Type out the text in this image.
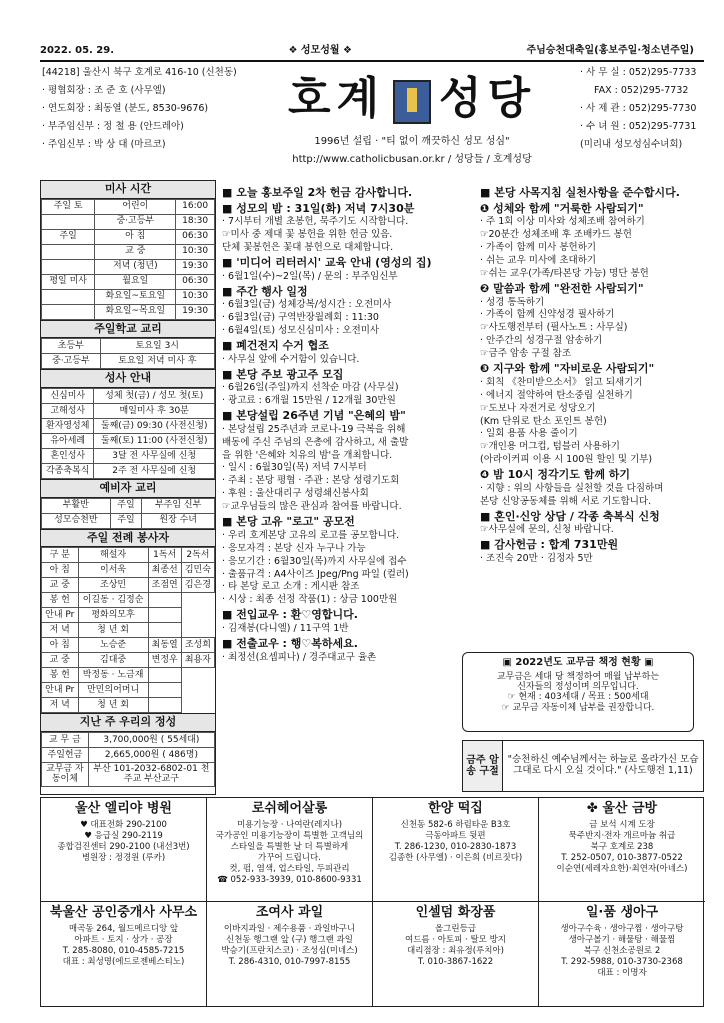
2022. 05. 29.	❖ 성모성월 ❖	주님승천대축일(홍보주일·청소년주일)
[44218] 울산시 북구 호계로 416-10 (신천동)
· 평협회장 : 조 준 호 (사무엘)
· 연도회장 : 최동열 (분도, 8530-9676)
· 부주임신부 : 정 철 용 (안드레아)
· 주임신부 : 박 상 대 (마르코)
호계 성당
1996년 설립 · "티 없이 깨끗하신 성모 성심"
http://www.catholicbusan.or.kr / 성당들 / 호계성당
· 사 무 실 : 052)295-7733
FAX : 052)295-7732
· 사 제 관 : 052)295-7730
· 수 녀 원 : 052)295-7731
(미리내 성모성심수녀회)
미사 시간
주일 토	어린이	16:00
	중·고등부	18:30
주일	아 침	06:30
	교 중	10:30
	저녁 (청년)	19:30
평일 미사	월요일	06:30
	화요일~토요일	10:30
	화요일~목요일	19:30
주일학교 교리
초등부	토요일 3시
중·고등부	토요일 저녁 미사 후
성사 안내
신심미사	성체 첫(금) / 성모 첫(토)
고해성사	매일미사 후 30분
환자영성체	둘째(금) 09:30 (사전신청)
유아세례	둘째(토) 11:00 (사전신청)
혼인성사	3달 전 사무실에 신청
각종축복식	2주 전 사무실에 신청
예비자 교리
부활반	주일	부주임 신부
성모승천반	주일	원장 수녀
주일 전례 봉사자
구 분	해설자	1독서	2독서
아 침	이서욱	최종선	김민숙
교 중	조상민	조점연	김은경
봉 헌	이길동 · 김정순		
안내 Pr	평화의모후		
저 녁	청 년 회		
아 침	노승준	최동열	조성희
교 중	김대중	변정우	최용자
봉 헌	박정동 · 노금재		
안내 Pr	만민의어머니		
저 녁	청 년 회		
지난 주 우리의 정성
교 무 금	3,700,000원 ( 55세대)
주일헌금	2,665,000원 ( 486명)
교무금 자동이체	부산 101-2032-6802-01 천주교 부산교구
■ 오늘 홍보주일 2차 헌금 감사합니다.
■ 성모의 밤 : 31일(화) 저녁 7시30분
· 7시부터 개별 초봉헌, 묵주기도 시작합니다.
☞미사 중 제대 꽃 봉헌을 위한 헌금 있음.
단체 꽃봉헌은 꽃대 봉헌으로 대체합니다.
■ '미디어 리터러시' 교육 안내 (영성의 집)
· 6월1일(수)~2일(목) / 문의 : 부주임신부
■ 주간 행사 일정
· 6월3일(금) 성체강복/성시간 : 오전미사
· 6월3일(금) 구역반장월례회 : 11:30
· 6월4일(토) 성모신심미사 : 오전미사
■ 폐건전지 수거 협조
· 사무실 앞에 수거함이 있습니다.
■ 본당 주보 광고주 모집
· 6월26일(주일)까지 선착순 마감 (사무실)
· 광고료 : 6개월 15만원 / 12개월 30만원
■ 본당설립 26주년 기념 "은혜의 밤"
· 본당설립 25주년과 코로나-19 극복을 위해
배동에 주신 주님의 은총에 감사하고, 새 출발
을 위한 '은혜와 치유의 밤'을 개최합니다.
· 일시 : 6월30일(목) 저녁 7시부터
· 주최 : 본당 평협 · 주관 : 본당 성령기도회
· 후원 : 울산대리구 성령쇄신봉사회
☞교우님들의 많은 관심과 참여를 바랍니다.
■ 본당 고유 "로고" 공모전
· 우리 호계본당 고유의 로고를 공모합니다.
· 응모자격 : 본당 신자 누구나 가능
· 응모기간 : 6월30일(목)까지 사무실에 접수
· 출품규격 : A4사이즈 Jpeg/Png 파일 (컬러)
· 타 본당 로고 소개 : 게시판 참조
· 시상 : 최종 선정 작품(1) : 상금 100만원
■ 전입교우 : 환♡영합니다.
· 김재봉(다니엘) / 11구역 1반
■ 전출교우 : 행♡복하세요.
· 최정선(요셉피나) / 경주대교구 율촌
■ 본당 사목지침 실천사항을 준수합시다.
❶ 성체와 함께 "거룩한 사람되기"
· 주 1회 이상 미사와 성체조배 참여하기
☞20분간 성체조배 후 조배카드 봉헌
· 가족이 함께 미사 봉헌하기
· 쉬는 교우 미사에 초대하기
☞쉬는 교우(가족/타본당 가능) 명단 봉헌
❷ 말씀과 함께 "완전한 사람되기"
· 성경 통독하기
· 가족이 함께 신약성경 필사하기
☞사도행전부터 (필사노트 : 사무실)
· 안주간의 성경구절 암송하기
☞금주 암송 구절 참조
❸ 지구와 함께 "자비로운 사람되기"
· 회칙 《찬미받으소서》 읽고 되새기기
· 에너지 절약하여 탄소중립 실천하기
☞도보나 자전거로 성당오기
(Km 단위로 탄소 포인트 봉헌)
· 일회 용품 사용 줄이기
☞개인용 머그컵, 텀블러 사용하기
(아라이커피 이용 시 100원 할인 및 기부)
❹ 밤 10시 정각기도 함께 하기
· 지향 : 위의 사항들을 실천할 것을 다짐하며
본당 신앙공동체를 위해 서로 기도합니다.
■ 혼인·신앙 상담 / 각종 축복식 신청
☞사무실에 문의, 신청 바랍니다.
■ 감사헌금 : 합계 731만원
· 조진숙 20만 · 김정자 5만
▣ 2022년도 교무금 책정 현황 ▣
교무금은 세대 당 책정하여 매월 납부하는
신자들의 정성이며 의무입니다.
☞ 현재 : 403세대 / 목표 : 500세대
☞ 교무금 자동이체 납부를 권장합니다.
금주 암송 구절
"승천하신 예수님께서는 하늘로 올라가신 모습 그대로 다시 오실 것이다." (사도행전 1,11)
울산 엘리야 병원
♥ 대표전화 290-2100
♥ 응급실 290-2119
종합검진센터 290-2100 (내선3번)
병원장 : 정경원 (루카)
로쉬헤어살롱
미용기능장 · 나여란(레지나)
국가공인 미용기능장이 특별한 고객님의
스타일을 특별한 날 더 특별하게
가꾸어 드립니다.
컷, 펌, 염색, 업스타일, 두피관리
☎ 052-933-3939, 010-8600-9331
한양 떡집
신천동 582-6 하림타운 B3호
극동아파트 뒷편
T. 286-1230, 010-2830-1873
김종한 (사무엘) · 이은희 (비르짓다)
✤ 울산 금방
금 보석 시계 도장
묵주반지·전자 개르마늄 취급
북구 호계로 238
T. 252-0507, 010-3877-0522
이순연(세레자요한)·최연자(아네스)
북울산 공인중개사 사무소
매곡동 264, 월드메르디앙 앞
아파트 · 토지 · 상가 · 공장
T. 285-8080, 010-4585-7215
대표 : 최성명(에드로젠베스티노)
조여사 과일
이바지과일 · 제수용품 · 과일바구니
신천동 행그랜 앞 (구) 행그랜 과일
박승기(프란치스코) · 조성심(미네스)
T. 286-4310, 010-7997-8155
인셀덤 화장품
올그린등급
여드름 · 아토피 · 탈모 방지
대리점장 : 최유정(루치아)
T. 010-3867-1622
일·품 생아구
생아구수육 · 생아구찜 · 생아구탕
생아구볼기 · 해물탕 · 해물찜
북구 신천소공원로 2
T. 292-5988, 010-3730-2368
대표 : 이명자
